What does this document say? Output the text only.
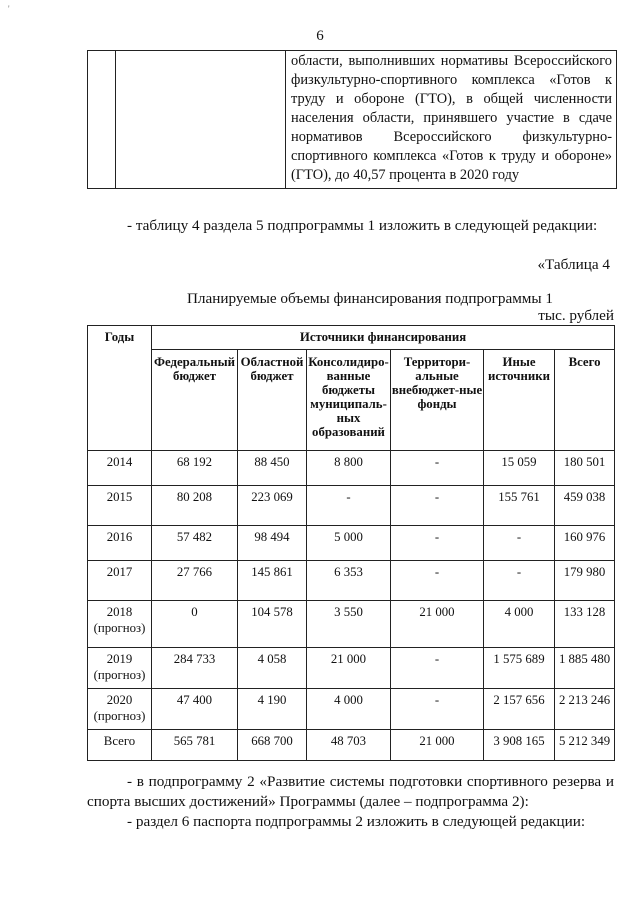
'
6

области, выполнивших нормативы Всероссийского физкультурно-спортивного комплекса «Готов к труду и обороне (ГТО), в общей численности населения области, принявшего участие в сдаче нормативов Всероссийского физкультурно-спортивного комплекса «Готов к труду и обороне» (ГТО), до 40,57 процента в 2020 году
- таблицу 4 раздела 5 подпрограммы 1 изложить в следующей редакции:
«Таблица 4
Планируемые объемы финансирования подпрограммы 1
тыс. рублей
Годы	Источники финансирования					
	Федеральный бюджет	Областной бюджет	Консолидиро-ванные бюджеты муниципаль-ных образований	Территори-альные внебюджет-ные фонды	Иные источники	Всего

2014	68 192	88 450	8 800	-	15 059	180 501

2015	80 208	223 069	-	-	155 761	459 038

2016	57 482	98 494	5 000	-	-	160 976

2017	27 766	145 861	6 353	-	-	179 980

2018
(прогноз)	0	104 578	3 550	21 000	4 000	133 128

2019
(прогноз)	284 733	4 058	21 000	-	1 575 689	1 885 480

2020
(прогноз)	47 400	4 190	4 000	-	2 157 656	2 213 246

Всего	565 781	668 700	48 703	21 000	3 908 165	5 212 349
- в подпрограмму 2 «Развитие системы подготовки спортивного резерва и спорта высших достижений» Программы (далее – подпрограмма 2):
- раздел 6 паспорта подпрограммы 2 изложить в следующей редакции:
